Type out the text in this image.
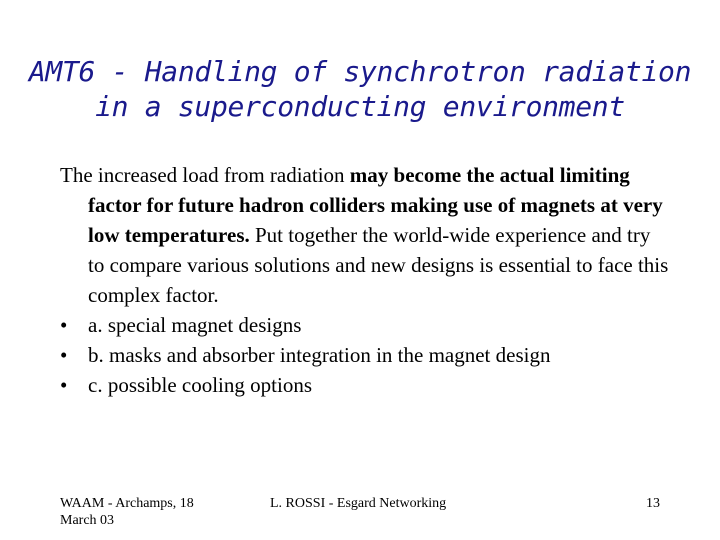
AMT6 - Handling of synchrotron radiation
in a superconducting environment

The increased load from radiation may become the actual limiting factor for future hadron colliders making use of magnets at very low temperatures. Put together the world-wide experience and try to compare various solutions and new designs is essential to face this complex factor.

• a. special magnet designs
• b. masks and absorber integration in the magnet design
• c. possible cooling options
WAAM - Archamps, 18
March 03
L. ROSSI - Esgard Networking	13
